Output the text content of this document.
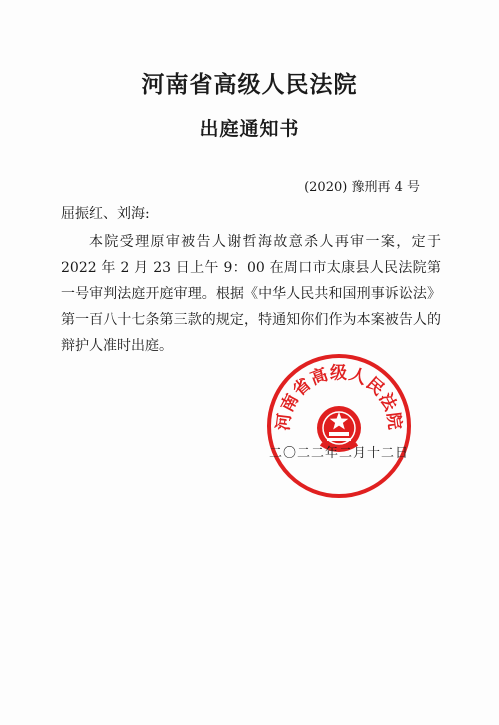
河南省高级人民法院
出庭通知书
(2020) 豫刑再 4 号
屈振红、刘海:
本院受理原审被告人谢哲海故意杀人再审一案，定于2022 年 2 月 23 日上午 9：00 在周口市太康县人民法院第一号审判法庭开庭审理。根据《中华人民共和国刑事诉讼法》第一百八十七条第三款的规定，特通知你们作为本案被告人的辩护人准时出庭。
河南省高级人民法院
二〇二二年二月十二日
